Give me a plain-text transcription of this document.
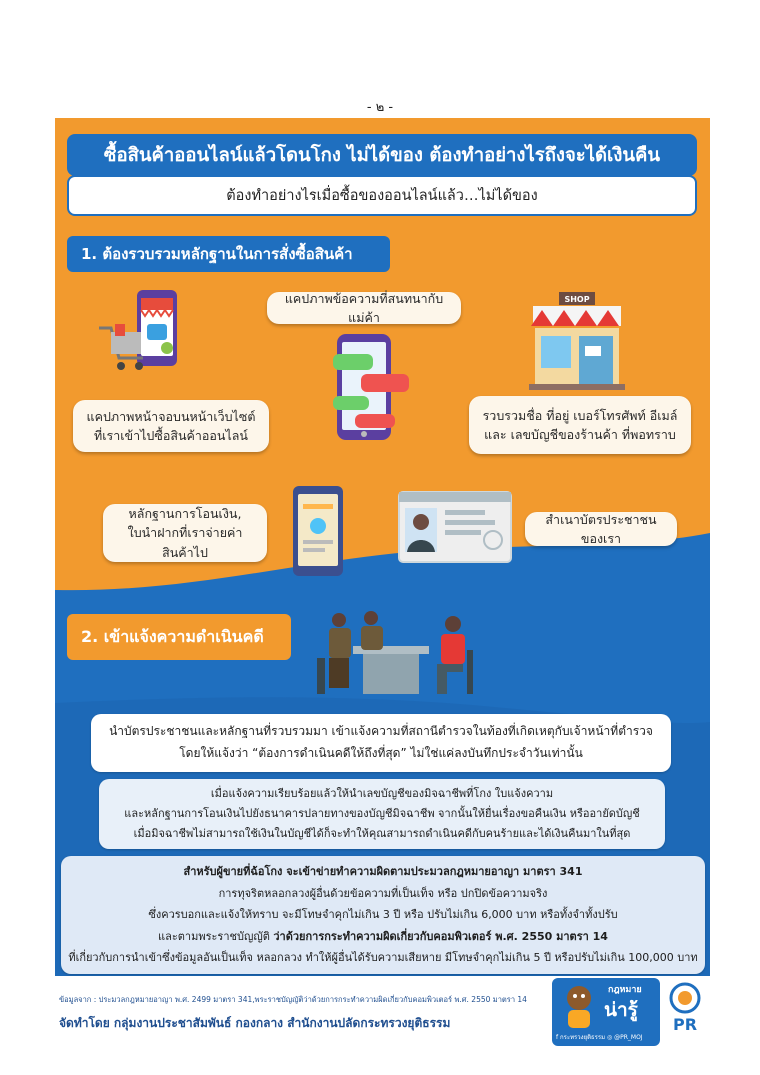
- ๒ -
ซื้อสินค้าออนไลน์แล้วโดนโกง ไม่ได้ของ ต้องทำอย่างไรถึงจะได้เงินคืน
ต้องทำอย่างไรเมื่อซื้อของออนไลน์แล้ว…ไม่ได้ของ
1. ต้องรวบรวมหลักฐานในการสั่งซื้อสินค้า
แคปภาพข้อความที่สนทนากับแม่ค้า
SHOP
แคปภาพหน้าจอบนหน้าเว็บไซต์
ที่เราเข้าไปซื้อสินค้าออนไลน์
รวบรวมชื่อ ที่อยู่ เบอร์โทรศัพท์ อีเมล์
และ เลขบัญชีของร้านค้า ที่พอทราบ
หลักฐานการโอนเงิน,
ใบนำฝากที่เราจ่ายค่าสินค้าไป
สำเนาบัตรประชาชนของเรา
2. เข้าแจ้งความดำเนินคดี
นำบัตรประชาชนและหลักฐานที่รวบรวมมา เข้าแจ้งความที่สถานีตำรวจในท้องที่เกิดเหตุกับเจ้าหน้าที่ตำรวจ
โดยให้แจ้งว่า “ต้องการดำเนินคดีให้ถึงที่สุด” ไม่ใช่แค่ลงบันทึกประจำวันเท่านั้น
เมื่อแจ้งความเรียบร้อยแล้วให้นำเลขบัญชีของมิจฉาชีพที่โกง ใบแจ้งความ
และหลักฐานการโอนเงินไปยังธนาคารปลายทางของบัญชีมิจฉาชีพ จากนั้นให้ยื่นเรื่องขอคืนเงิน หรืออายัดบัญชี
เมื่อมิจฉาชีพไม่สามารถใช้เงินในบัญชีได้ก็จะทำให้คุณสามารถดำเนินคดีกับคนร้ายและได้เงินคืนมาในที่สุด
สำหรับผู้ขายที่ฉ้อโกง จะเข้าข่ายทำความผิดตามประมวลกฎหมายอาญา มาตรา 341
การทุจริตหลอกลวงผู้อื่นด้วยข้อความที่เป็นเท็จ หรือ ปกปิดข้อความจริง
ซึ่งควรบอกและแจ้งให้ทราบ จะมีโทษจำคุกไม่เกิน 3 ปี หรือ ปรับไม่เกิน 6,000 บาท หรือทั้งจำทั้งปรับ
และตามพระราชบัญญัติ ว่าด้วยการกระทำความผิดเกี่ยวกับคอมพิวเตอร์ พ.ศ. 2550 มาตรา 14
ที่เกี่ยวกับการนำเข้าซึ่งข้อมูลอันเป็นเท็จ หลอกลวง ทำให้ผู้อื่นได้รับความเสียหาย มีโทษจำคุกไม่เกิน 5 ปี หรือปรับไม่เกิน 100,000 บาท
ข้อมูลจาก : ประมวลกฎหมายอาญา พ.ศ. 2499 มาตรา 341,พระราชบัญญัติว่าด้วยการกระทำความผิดเกี่ยวกับคอมพิวเตอร์ พ.ศ. 2550 มาตรา 14
จัดทำโดย กลุ่มงานประชาสัมพันธ์ กองกลาง สำนักงานปลัดกระทรวงยุติธรรม
กฎหมาย
น่ารู้
f กระทรวงยุติธรรม ◎ @PR_MOJ
PR
